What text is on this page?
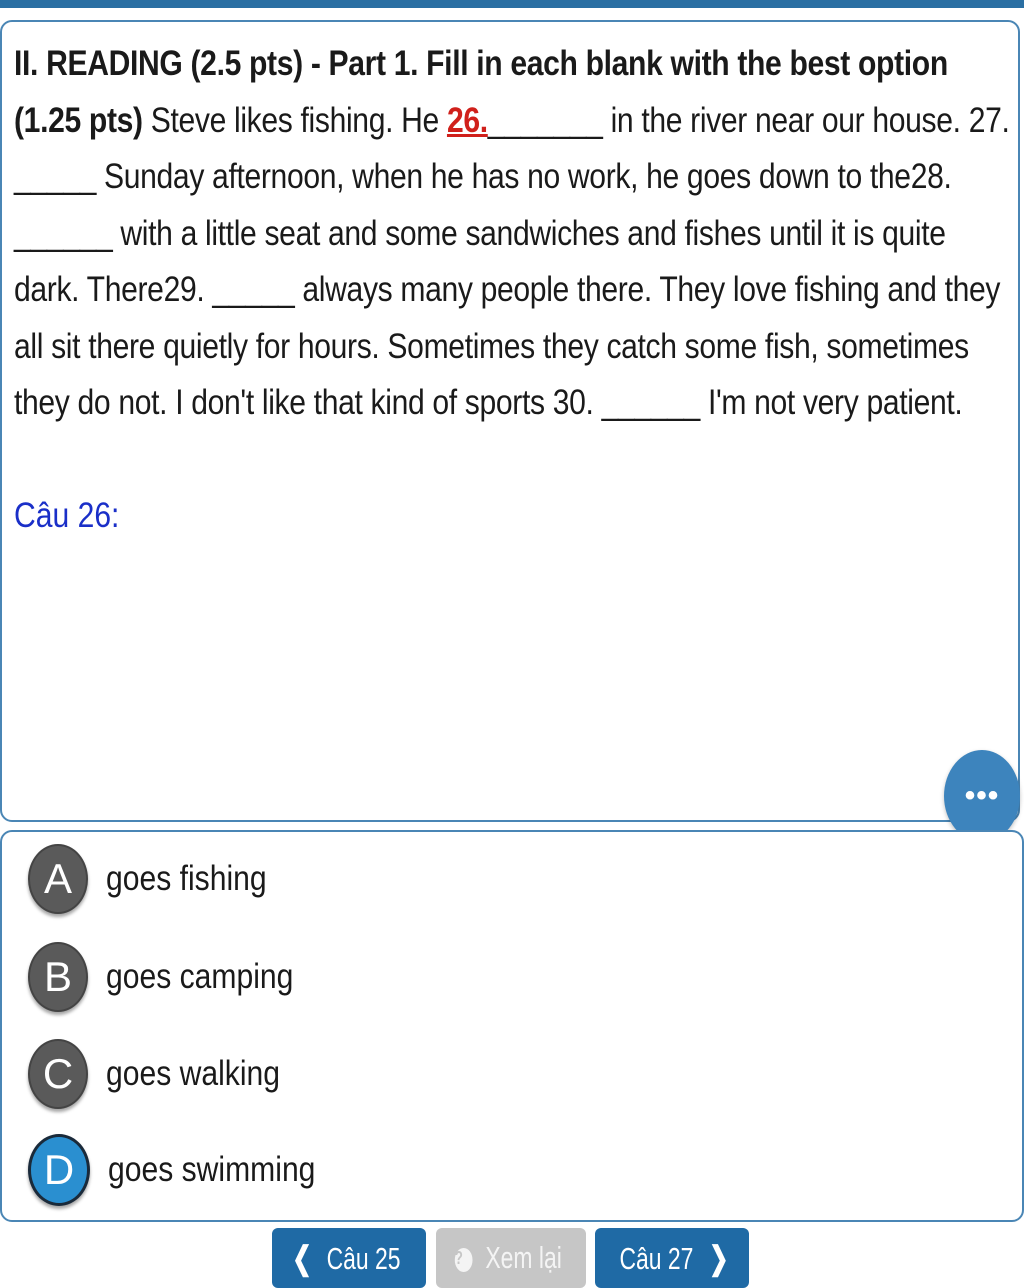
II. READING (2.5 pts) - Part 1. Fill in each blank with the best option (1.25 pts) Steve likes fishing. He 26._______ in the river near our house. 27. _____ Sunday afternoon, when he has no work, he goes down to the28. ______ with a little seat and some sandwiches and fishes until it is quite dark. There29. _____ always many people there. They love fishing and they all sit there quietly for hours. Sometimes they catch some fish, sometimes they do not. I don't like that kind of sports 30. ______ I'm not very patient.
Câu 26:
•••
A goes fishing
B goes camping
C goes walking
D goes swimming
❮ Câu 25	? Xem lại Câu 27 ❯
